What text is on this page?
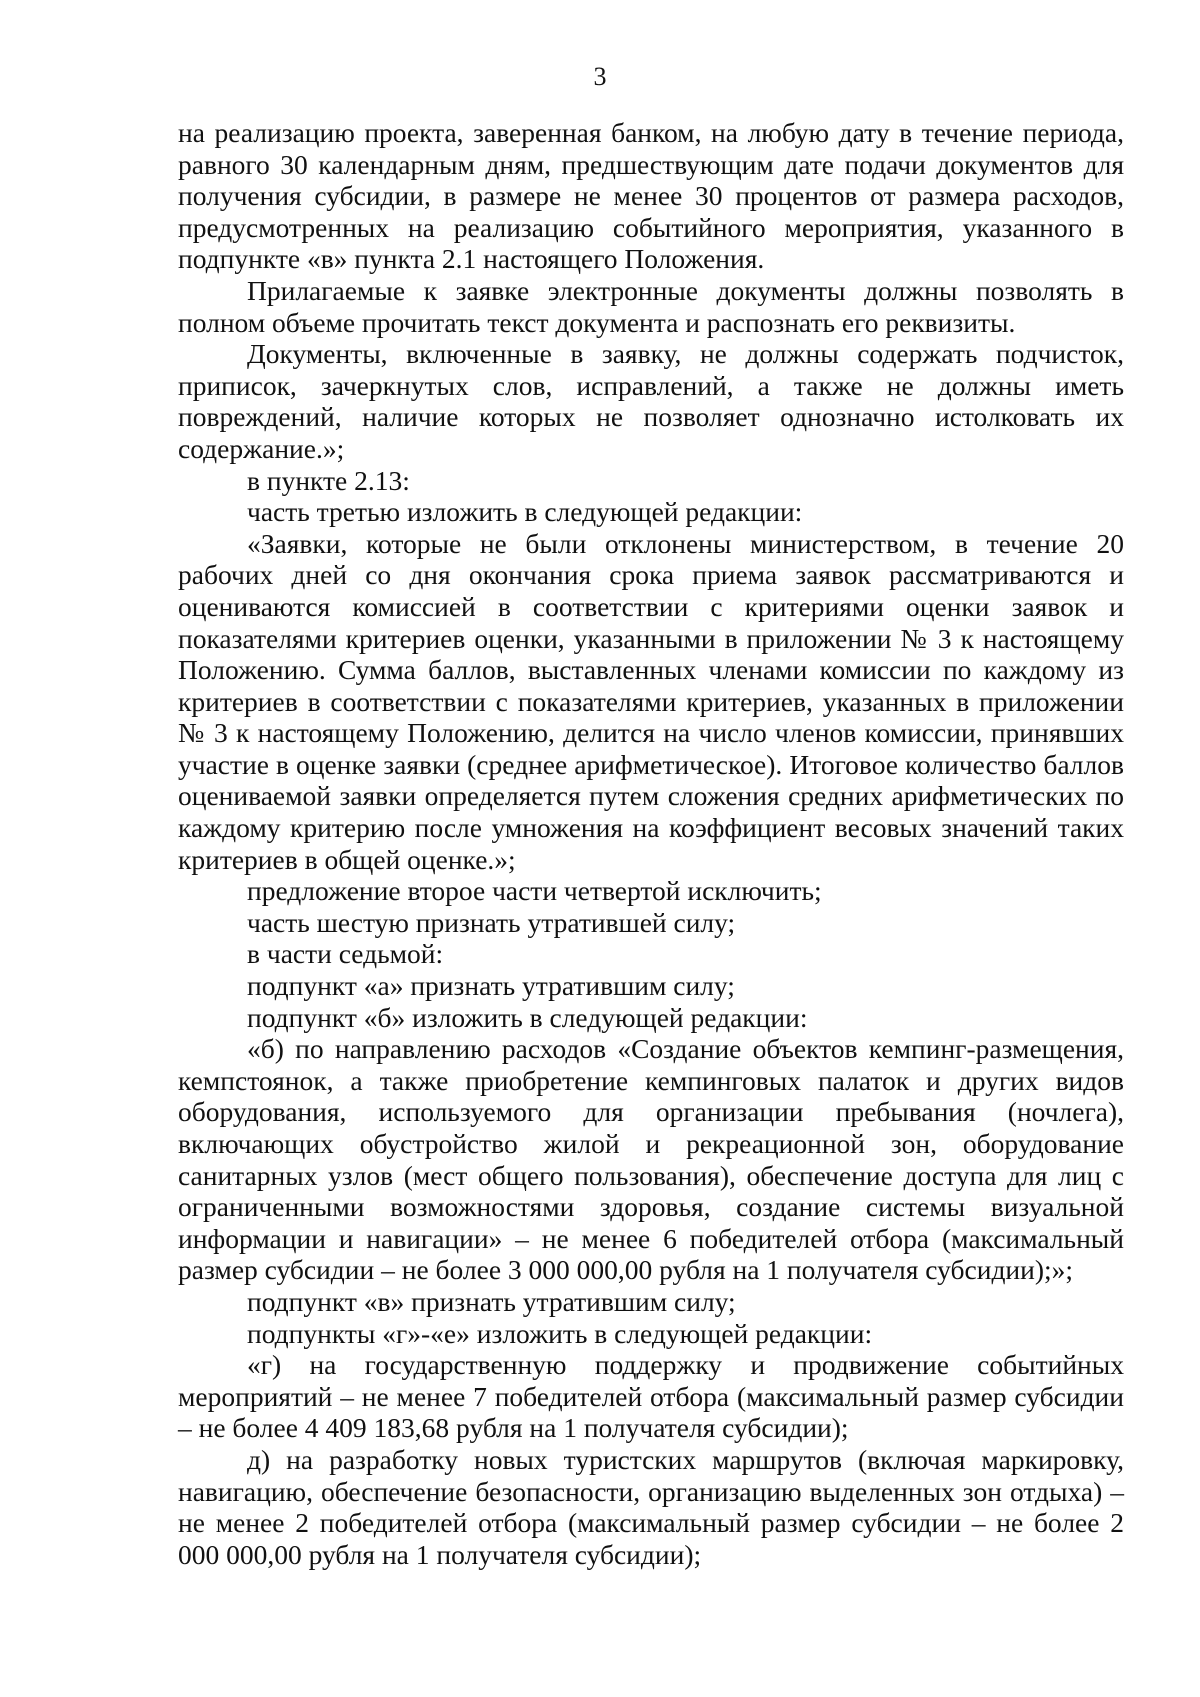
3

на реализацию проекта, заверенная банком, на любую дату в течение периода, равного 30 календарным дням, предшествующим дате подачи документов для получения субсидии, в размере не менее 30 процентов от размера расходов, предусмотренных на реализацию событийного мероприятия, указанного в подпункте «в» пункта 2.1 настоящего Положения.

Прилагаемые к заявке электронные документы должны позволять в полном объеме прочитать текст документа и распознать его реквизиты.

Документы, включенные в заявку, не должны содержать подчисток, приписок, зачеркнутых слов, исправлений, а также не должны иметь повреждений, наличие которых не позволяет однозначно истолковать их содержание.»;

в пункте 2.13:

часть третью изложить в следующей редакции:

«Заявки, которые не были отклонены министерством, в течение 20 рабочих дней со дня окончания срока приема заявок рассматриваются и оцениваются комиссией в соответствии с критериями оценки заявок и показателями критериев оценки, указанными в приложении № 3 к настоящему Положению. Сумма баллов, выставленных членами комиссии по каждому из критериев в соответствии с показателями критериев, указанных в приложении № 3 к настоящему Положению, делится на число членов комиссии, принявших участие в оценке заявки (среднее арифметическое). Итоговое количество баллов оцениваемой заявки определяется путем сложения средних арифметических по каждому критерию после умножения на коэффициент весовых значений таких критериев в общей оценке.»;

предложение второе части четвертой исключить;

часть шестую признать утратившей силу;

в части седьмой:

подпункт «а» признать утратившим силу;

подпункт «б» изложить в следующей редакции:

«б) по направлению расходов «Создание объектов кемпинг-размещения, кемпстоянок, а также приобретение кемпинговых палаток и других видов оборудования, используемого для организации пребывания (ночлега), включающих обустройство жилой и рекреационной зон, оборудование санитарных узлов (мест общего пользования), обеспечение доступа для лиц с ограниченными возможностями здоровья, создание системы визуальной информации и навигации» – не менее 6 победителей отбора (максимальный размер субсидии – не более 3 000 000,00 рубля на 1 получателя субсидии);»;

подпункт «в» признать утратившим силу;

подпункты «г»-«е» изложить в следующей редакции:

«г) на государственную поддержку и продвижение событийных мероприятий – не менее 7 победителей отбора (максимальный размер субсидии – не более 4 409 183,68 рубля на 1 получателя субсидии);

д) на разработку новых туристских маршрутов (включая маркировку, навигацию, обеспечение безопасности, организацию выделенных зон отдыха) – не менее 2 победителей отбора (максимальный размер субсидии – не более 2 000 000,00 рубля на 1 получателя субсидии);
